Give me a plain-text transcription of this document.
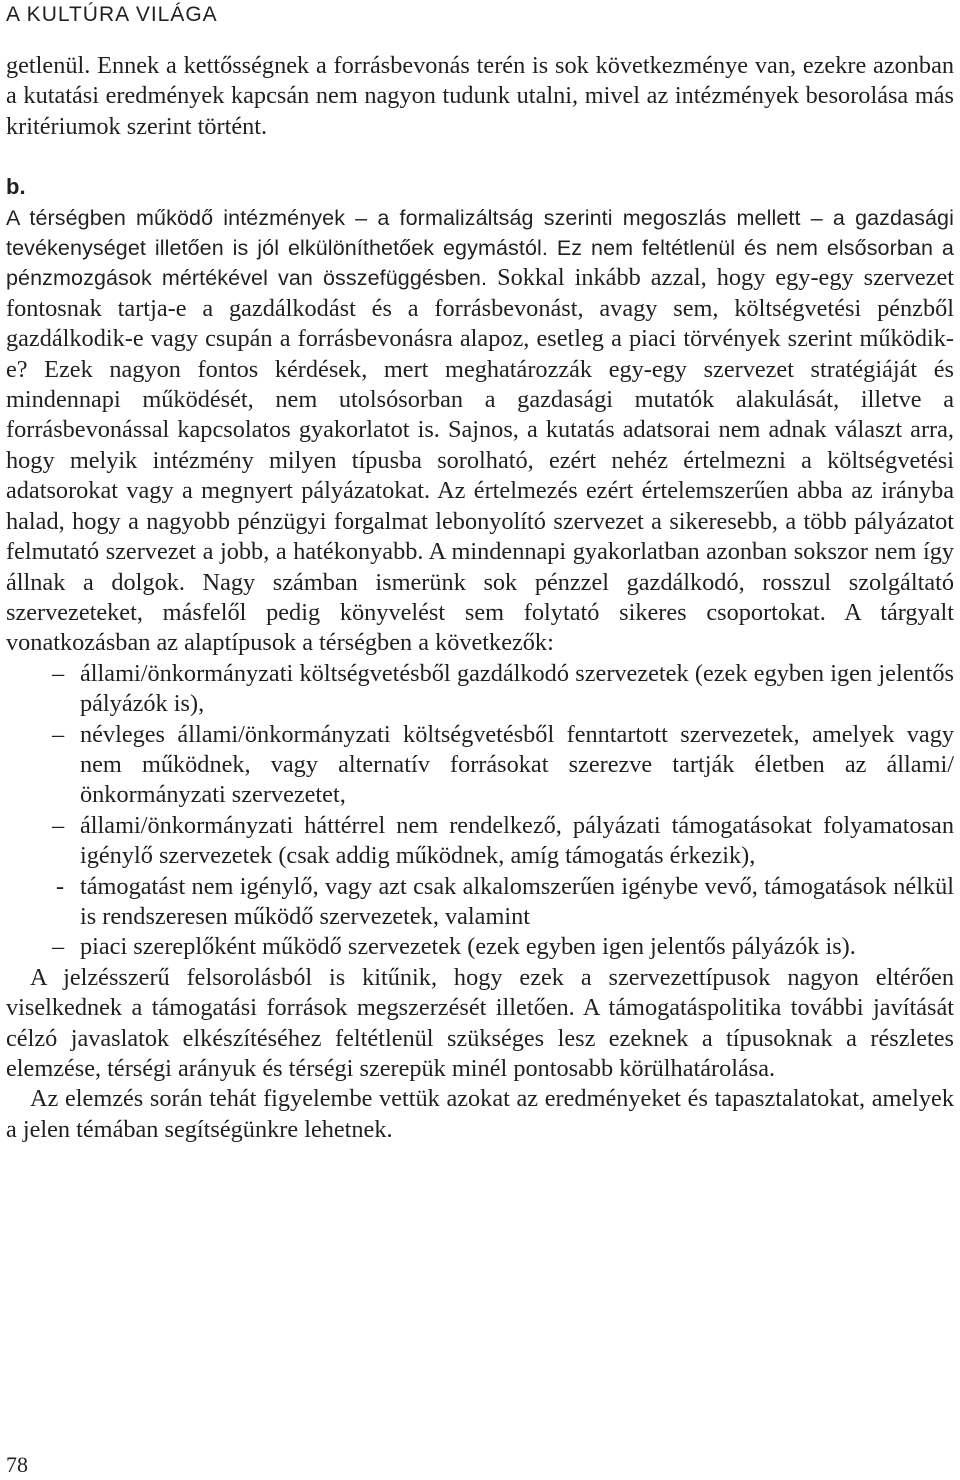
A KULTÚRA VILÁGA

getlenül. Ennek a kettősségnek a forrásbevonás terén is sok következménye van, ezekre azonban a kutatási eredmények kapcsán nem nagyon tudunk utalni, mivel az intézmények besorolása más kritériumok szerint történt.

b.

A térségben működő intézmények – a formalizáltság szerinti megoszlás mellett – a gazdasági tevékenységet illetően is jól elkülöníthetőek egymástól. Ez nem feltétlenül és nem elsősorban a pénzmozgások mértékével van összefüggésben. Sokkal inkább azzal, hogy egy-egy szervezet fontosnak tartja-e a gazdálkodást és a forrásbevonást, avagy sem, költségvetési pénzből gazdálkodik-e vagy csupán a forrásbevonásra alapoz, esetleg a piaci törvények szerint működik-e? Ezek nagyon fontos kérdések, mert meghatározzák egy-egy szervezet stratégiáját és mindennapi működését, nem utolsósorban a gazdasági mutatók alakulását, illetve a forrásbevonással kapcsolatos gyakorlatot is. Sajnos, a kutatás adatsorai nem adnak választ arra, hogy melyik intézmény milyen típusba sorolható, ezért nehéz értelmezni a költségvetési adatsorokat vagy a megnyert pályázatokat. Az értelmezés ezért értelemszerűen abba az irányba halad, hogy a nagyobb pénzügyi forgalmat lebonyolító szervezet a sikeresebb, a több pályázatot felmutató szervezet a jobb, a hatékonyabb. A mindennapi gyakorlatban azonban sokszor nem így állnak a dolgok. Nagy számban ismerünk sok pénzzel gazdálkodó, rosszul szolgáltató szervezeteket, másfelől pedig könyvelést sem folytató sikeres csoportokat. A tárgyalt vonatkozásban az alaptípusok a térségben a következők:

– állami/önkormányzati költségvetésből gazdálkodó szervezetek (ezek egyben igen jelentős pályázók is),
– névleges állami/önkormányzati költségvetésből fenntartott szervezetek, amelyek vagy nem működnek, vagy alternatív forrásokat szerezve tartják életben az állami/önkormányzati szervezetet,
– állami/önkormányzati háttérrel nem rendelkező, pályázati támogatásokat folyamatosan igénylő szervezetek (csak addig működnek, amíg támogatás érkezik),
- támogatást nem igénylő, vagy azt csak alkalomszerűen igénybe vevő, támogatások nélkül is rendszeresen működő szervezetek, valamint
– piaci szereplőként működő szervezetek (ezek egyben igen jelentős pályázók is).

A jelzésszerű felsorolásból is kitűnik, hogy ezek a szervezettípusok nagyon eltérően viselkednek a támogatási források megszerzését illetően. A támogatáspolitika további javítását célzó javaslatok elkészítéséhez feltétlenül szükséges lesz ezeknek a típusoknak a részletes elemzése, térségi arányuk és térségi szerepük minél pontosabb körülhatárolása.

Az elemzés során tehát figyelembe vettük azokat az eredményeket és tapasztalatokat, amelyek a jelen témában segítségünkre lehetnek.

78
